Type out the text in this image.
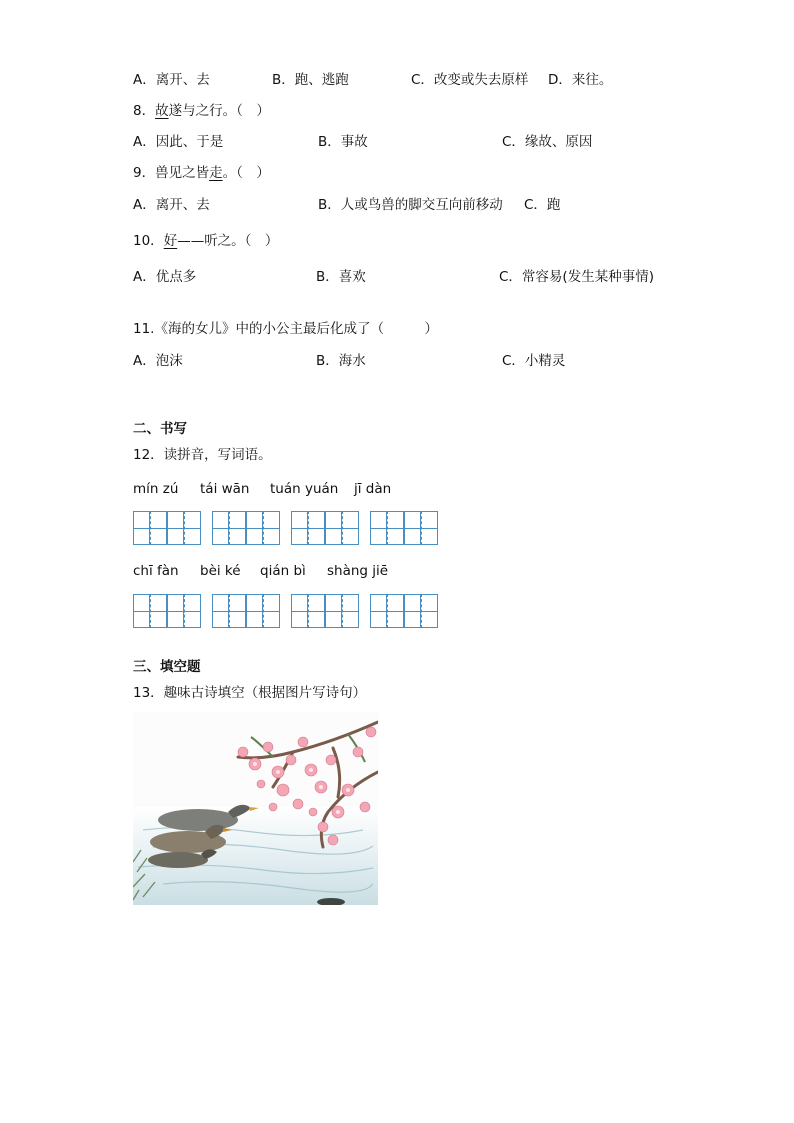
A．离开、去	B．跑、逃跑	C．改变或失去原样 D．来往。
8．故遂与之行。（　）
A．因此、于是	B．事故	C．缘故、原因
9．兽见之皆走。（　）
A．离开、去	B．人或鸟兽的脚交互向前移动 C．跑
10．好——听之。（　）
A．优点多	B．喜欢	C．常容易(发生某种事情)
11.《海的女儿》中的小公主最后化成了（　　　）
A．泡沫	B．海水	C．小精灵
二、书写
12．读拼音，写词语。
mín zú tái wān tuán yuán jī dàn
chī fàn bèi ké qián bì shàng jiē
三、填空题
13．趣味古诗填空（根据图片写诗句）
